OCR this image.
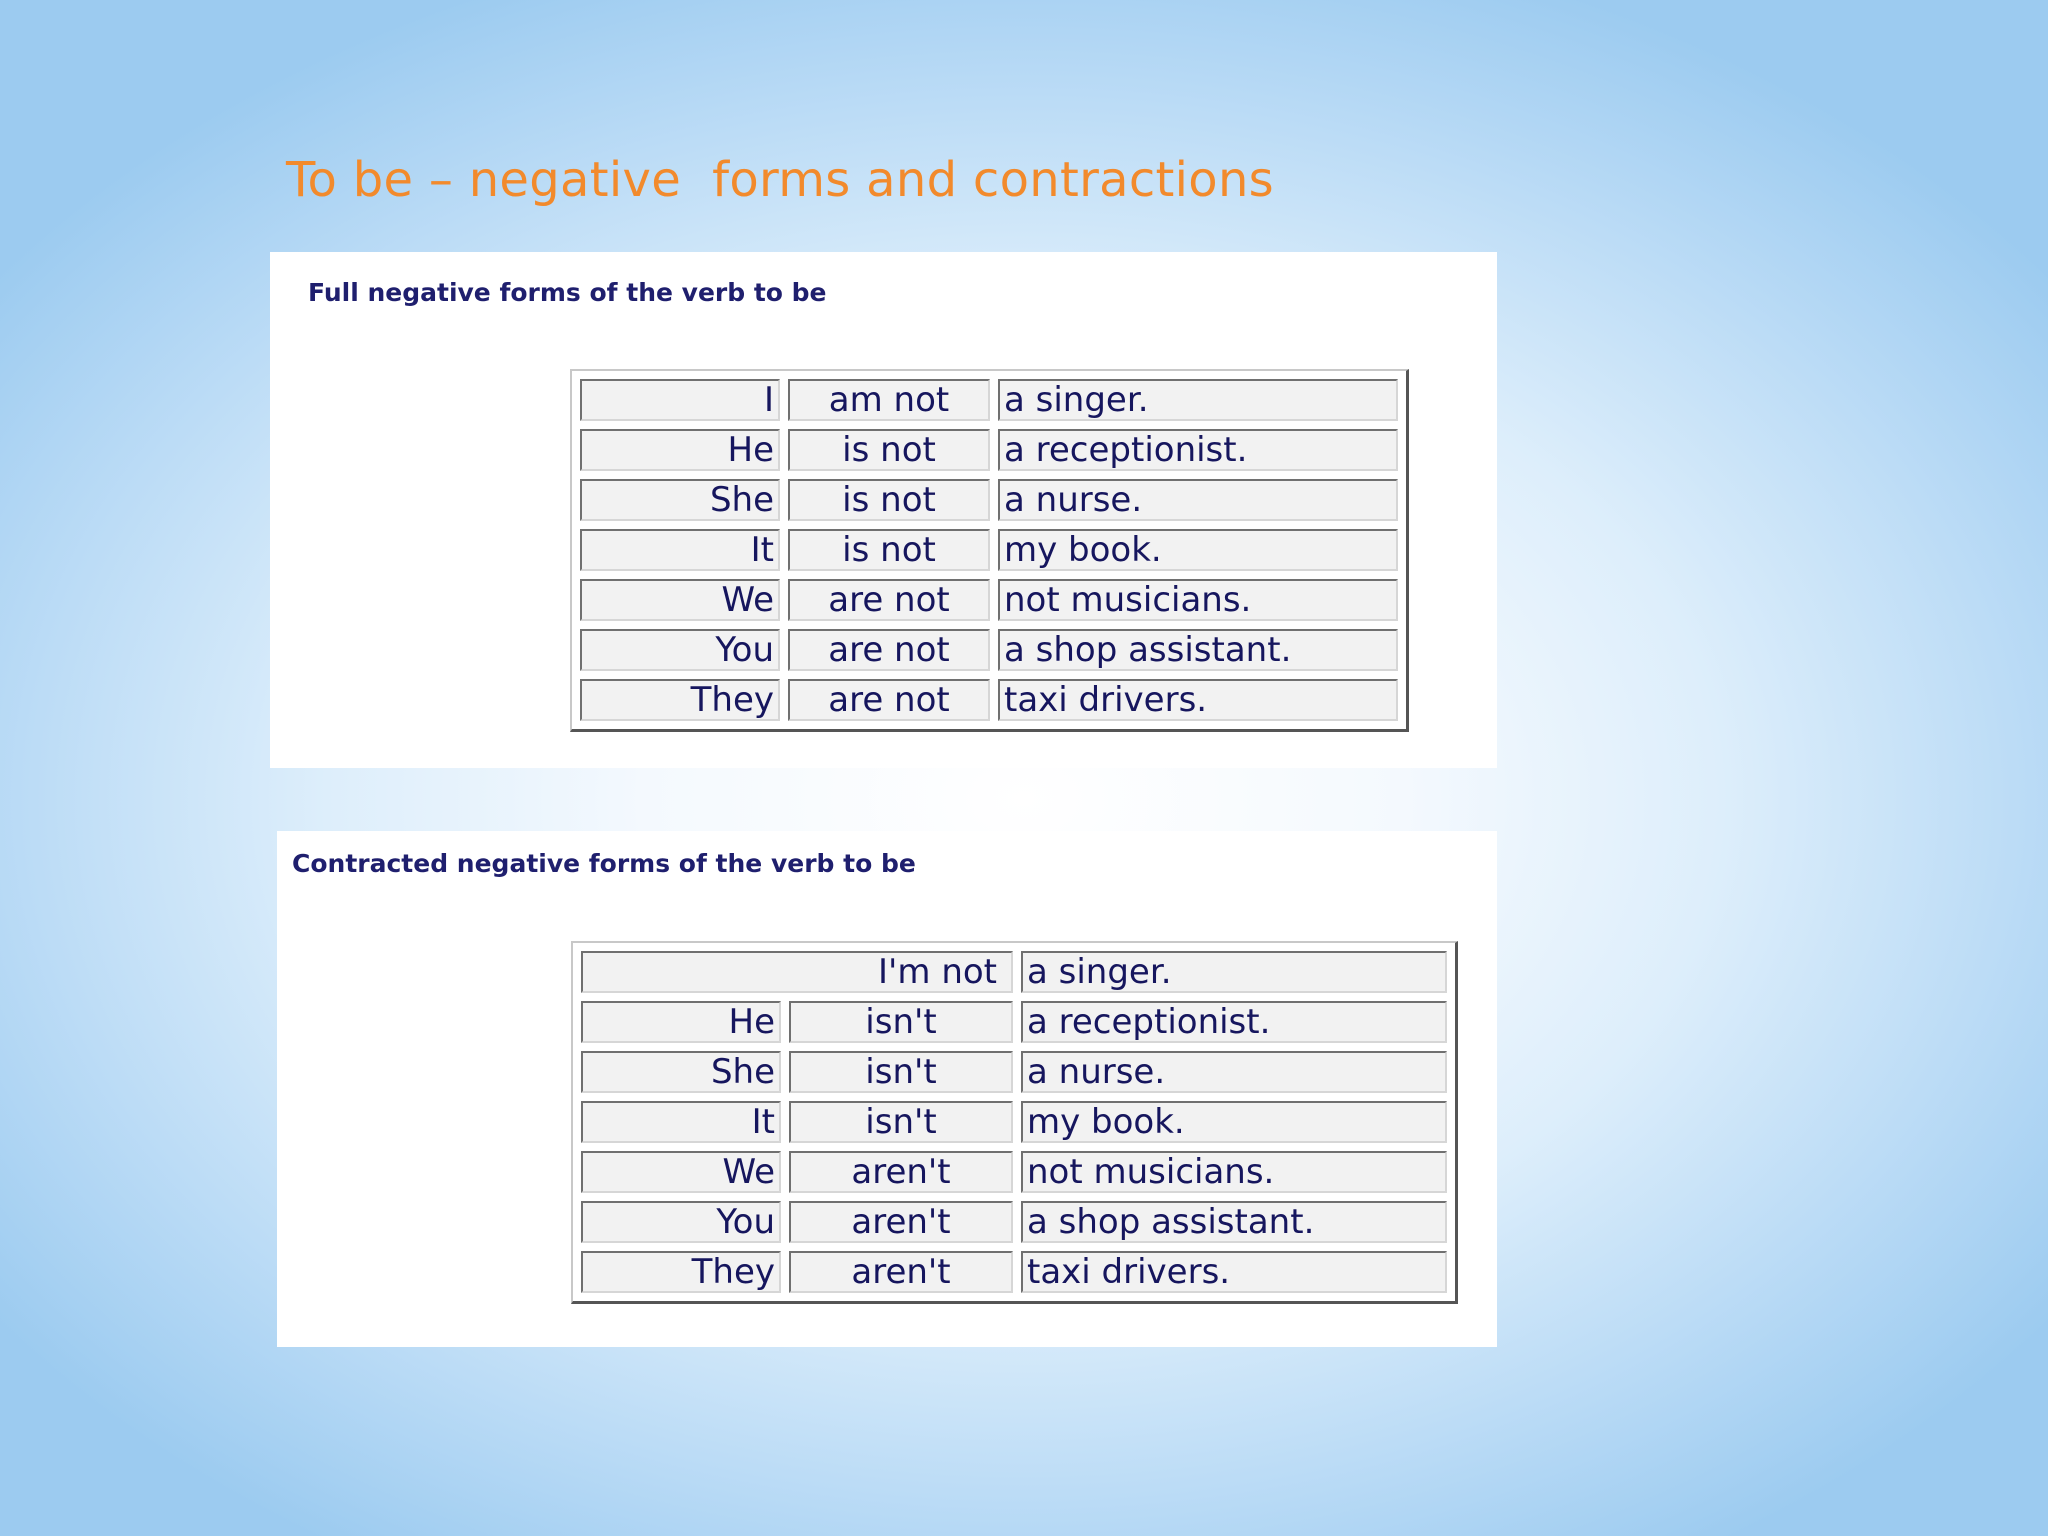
To be – negative  forms and contractions
Full negative forms of the verb to be
I	am not	a singer.
He	is not	a receptionist.
She	is not	a nurse.
It	is not	my book.
We	are not	not musicians.
You	are not	a shop assistant.
They	are not	taxi drivers.
Contracted negative forms of the verb to be
I'm not		a singer.
He	isn't	a receptionist.
She	isn't	a nurse.
It	isn't	my book.
We	aren't	not musicians.
You	aren't	a shop assistant.
They	aren't	taxi drivers.
